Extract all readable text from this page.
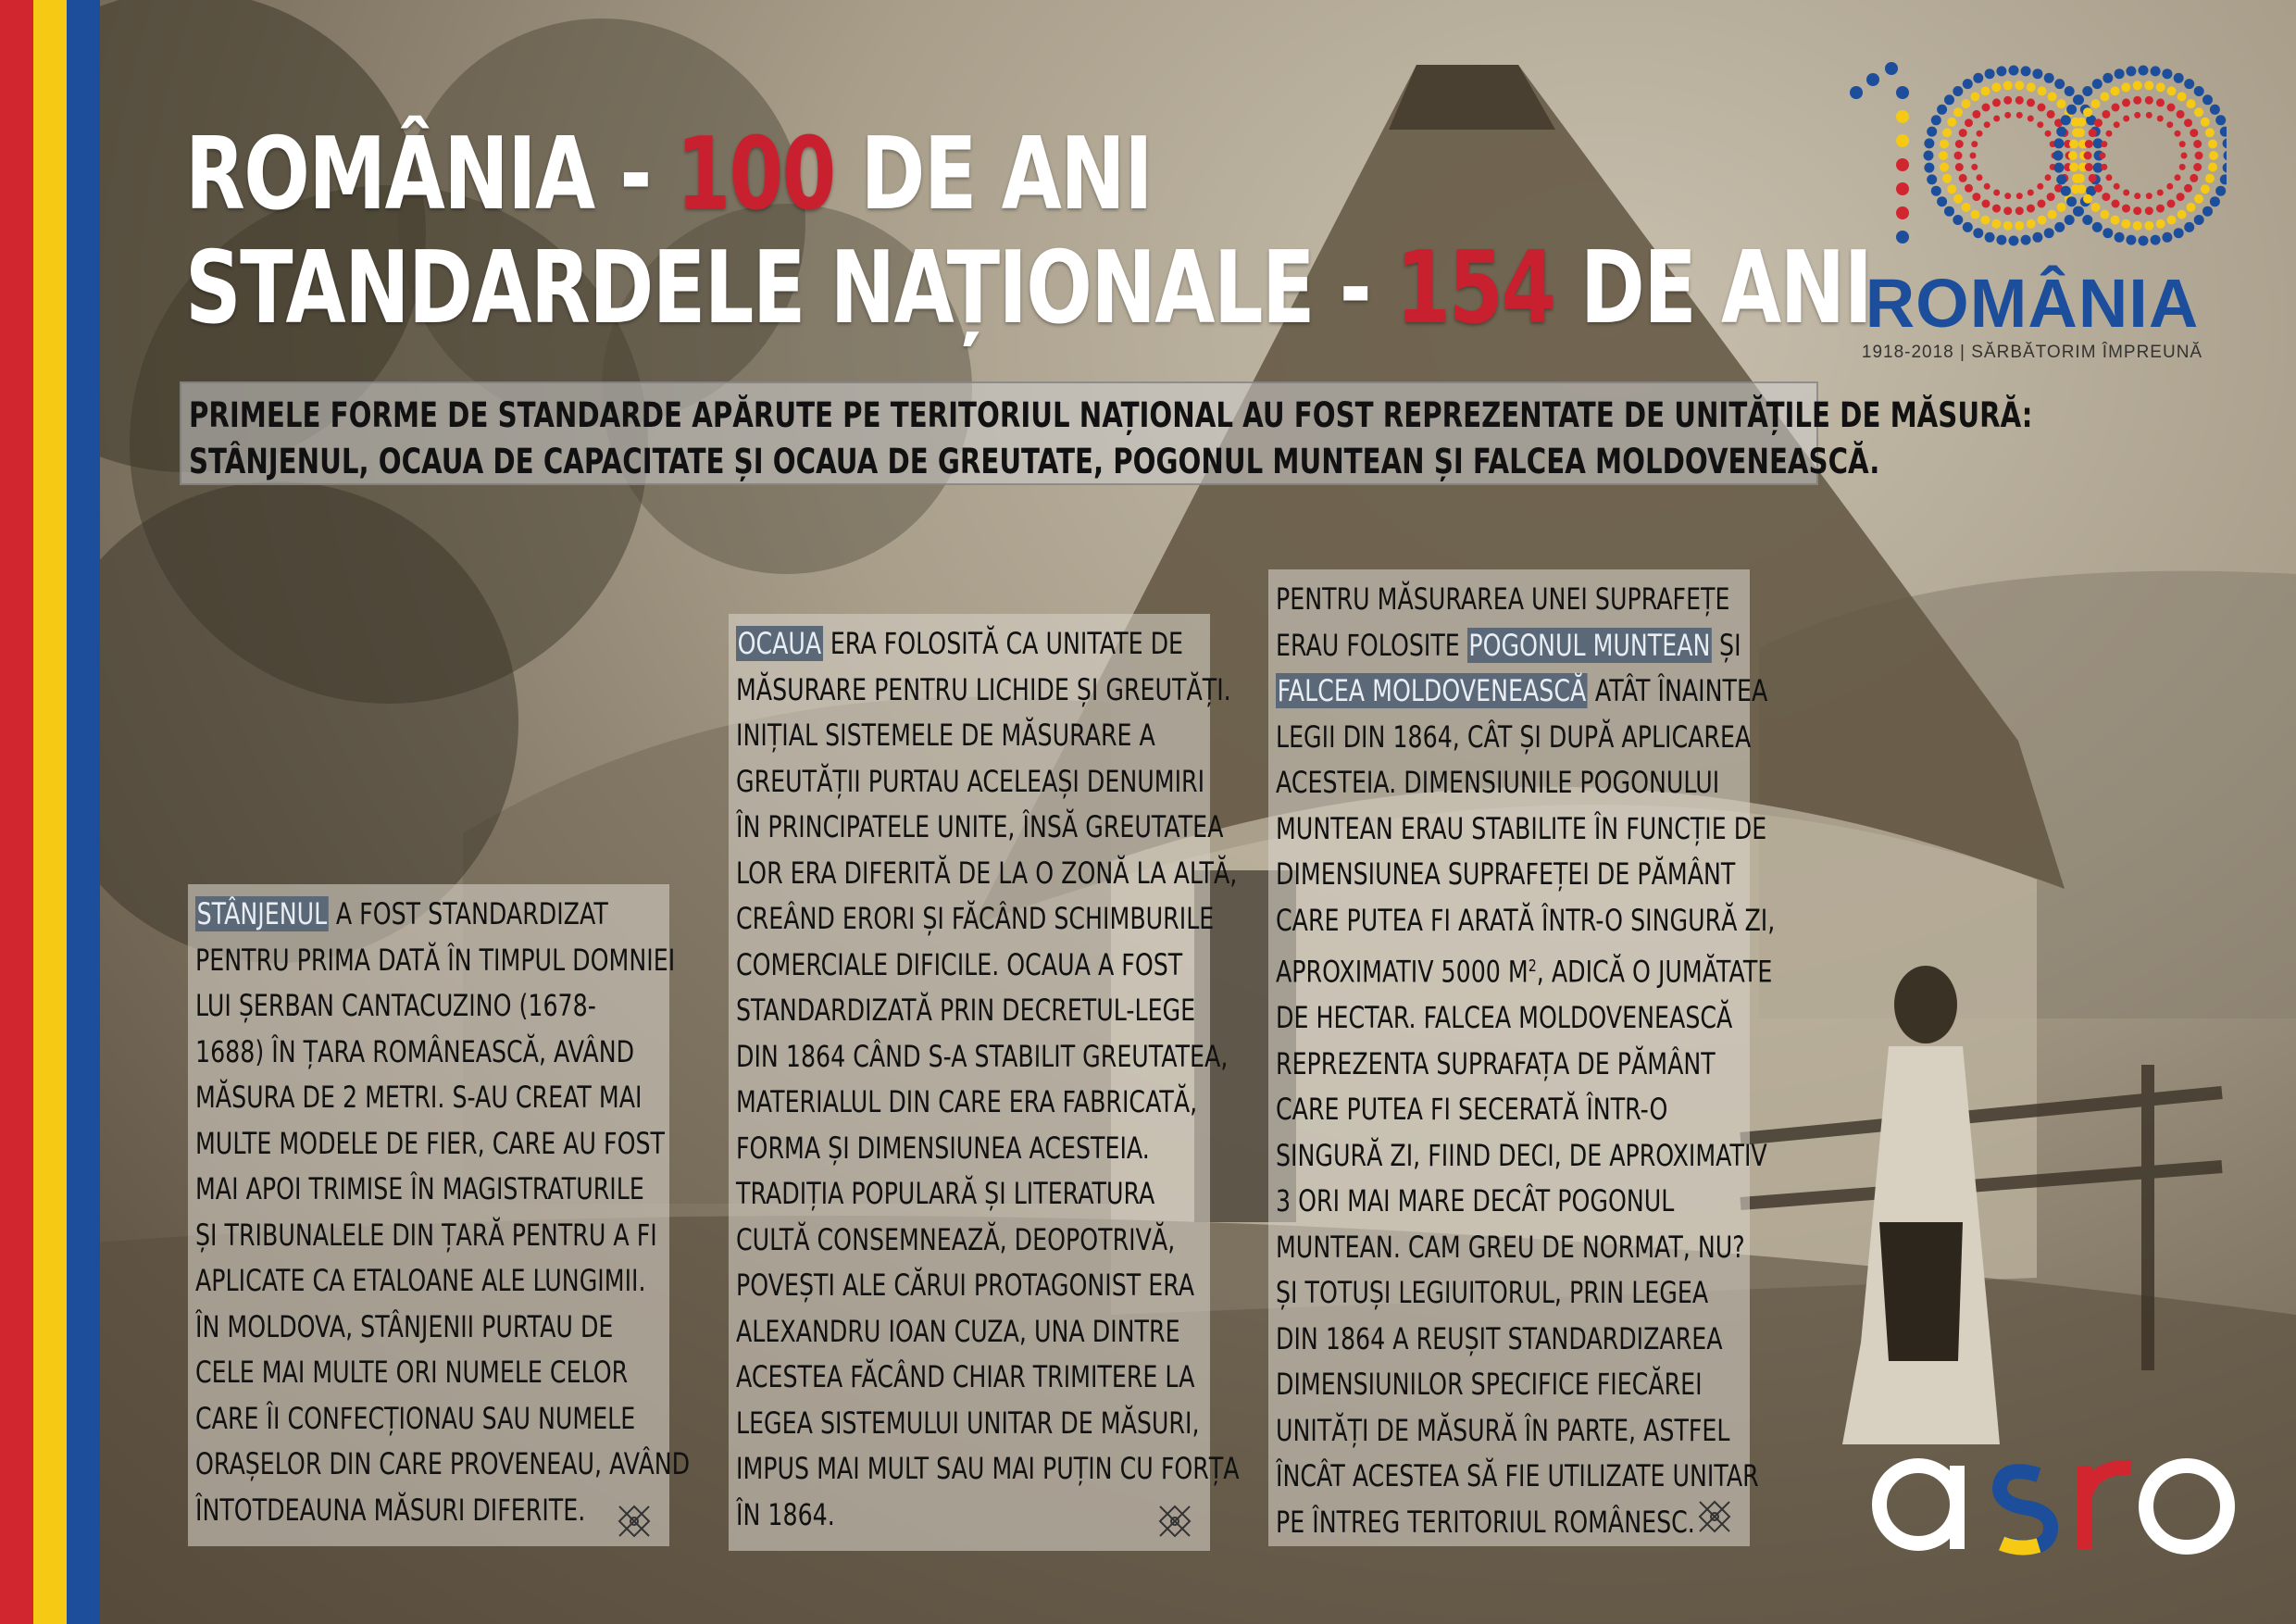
ROMÂNIA - 100 DE ANI
STANDARDELE NAȚIONALE - 154 DE ANI

PRIMELE FORME DE STANDARDE APĂRUTE PE TERITORIUL NAȚIONAL AU FOST REPREZENTATE DE UNITĂȚILE DE MĂSURĂ:
STÂNJENUL, OCAUA DE CAPACITATE ȘI OCAUA DE GREUTATE, POGONUL MUNTEAN ȘI FALCEA MOLDOVENEASCĂ.

STÂNJENUL A FOST STANDARDIZAT
PENTRU PRIMA DATĂ ÎN TIMPUL DOMNIEI
LUI ȘERBAN CANTACUZINO (1678-
1688) ÎN ȚARA ROMÂNEASCĂ, AVÂND
MĂSURA DE 2 METRI. S-AU CREAT MAI
MULTE MODELE DE FIER, CARE AU FOST
MAI APOI TRIMISE ÎN MAGISTRATURILE
ȘI TRIBUNALELE DIN ȚARĂ PENTRU A FI
APLICATE CA ETALOANE ALE LUNGIMII.
ÎN MOLDOVA, STÂNJENII PURTAU DE
CELE MAI MULTE ORI NUMELE CELOR
CARE ÎI CONFECȚIONAU SAU NUMELE
ORAȘELOR DIN CARE PROVENEAU, AVÂND
ÎNTOTDEAUNA MĂSURI DIFERITE.
OCAUA ERA FOLOSITĂ CA UNITATE DE
MĂSURARE PENTRU LICHIDE ȘI GREUTĂȚI.
INIȚIAL SISTEMELE DE MĂSURARE A
GREUTĂȚII PURTAU ACELEAȘI DENUMIRI
ÎN PRINCIPATELE UNITE, ÎNSĂ GREUTATEA
LOR ERA DIFERITĂ DE LA O ZONĂ LA ALTĂ,
CREÂND ERORI ȘI FĂCÂND SCHIMBURILE
COMERCIALE DIFICILE. OCAUA A FOST
STANDARDIZATĂ PRIN DECRETUL-LEGE
DIN 1864 CÂND S-A STABILIT GREUTATEA,
MATERIALUL DIN CARE ERA FABRICATĂ,
FORMA ȘI DIMENSIUNEA ACESTEIA.
TRADIȚIA POPULARĂ ȘI LITERATURA
CULTĂ CONSEMNEAZĂ, DEOPOTRIVĂ,
POVEȘTI ALE CĂRUI PROTAGONIST ERA
ALEXANDRU IOAN CUZA, UNA DINTRE
ACESTEA FĂCÂND CHIAR TRIMITERE LA
LEGEA SISTEMULUI UNITAR DE MĂSURI,
IMPUS MAI MULT SAU MAI PUȚIN CU FORȚA
ÎN 1864.
PENTRU MĂSURAREA UNEI SUPRAFEȚE
ERAU FOLOSITE POGONUL MUNTEAN ȘI
FALCEA MOLDOVENEASCĂ ATÂT ÎNAINTEA
LEGII DIN 1864, CÂT ȘI DUPĂ APLICAREA
ACESTEIA. DIMENSIUNILE POGONULUI
MUNTEAN ERAU STABILITE ÎN FUNCȚIE DE
DIMENSIUNEA SUPRAFEȚEI DE PĂMÂNT
CARE PUTEA FI ARATĂ ÎNTR-O SINGURĂ ZI,
APROXIMATIV 5000 $M^2$, ADICĂ O JUMĂTATE
DE HECTAR. FALCEA MOLDOVENEASCĂ
REPREZENTA SUPRAFAȚA DE PĂMÂNT
CARE PUTEA FI SECERATĂ ÎNTR-O
SINGURĂ ZI, FIIND DECI, DE APROXIMATIV
3 ORI MAI MARE DECÂT POGONUL
MUNTEAN. CAM GREU DE NORMAT, NU?
ȘI TOTUȘI LEGIUITORUL, PRIN LEGEA
DIN 1864 A REUȘIT STANDARDIZAREA
DIMENSIUNILOR SPECIFICE FIECĂREI
UNITĂȚI DE MĂSURĂ ÎN PARTE, ASTFEL
ÎNCÂT ACESTEA SĂ FIE UTILIZATE UNITAR
PE ÎNTREG TERITORIUL ROMÂNESC.
ROMÂNIA
1918-2018 | SĂRBĂTORIM ÎMPREUNĂ
